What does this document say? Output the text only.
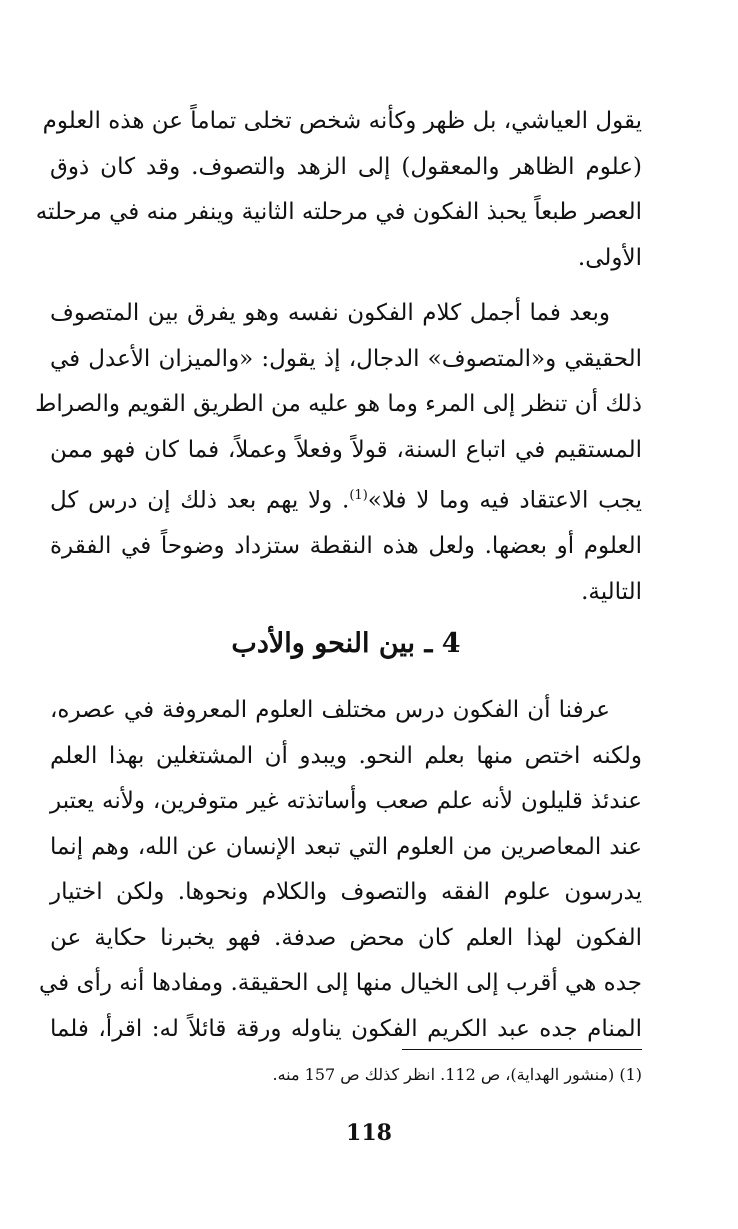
يقول العياشي، بل ظهر وكأنه شخص تخلى تماماً عن هذه العلوم
(علوم الظاهر والمعقول) إلى الزهد والتصوف. وقد كان ذوق
العصر طبعاً يحبذ الفكون في مرحلته الثانية وينفر منه في مرحلته
الأولى.
وبعد فما أجمل كلام الفكون نفسه وهو يفرق بين المتصوف
الحقيقي و«المتصوف» الدجال، إذ يقول: «والميزان الأعدل في
ذلك أن تنظر إلى المرء وما هو عليه من الطريق القويم والصراط
المستقيم في اتباع السنة، قولاً وفعلاً وعملاً، فما كان فهو ممن
يجب الاعتقاد فيه وما لا فلا»$^{(1)}$. ولا يهم بعد ذلك إن درس كل
العلوم أو بعضها. ولعل هذه النقطة ستزداد وضوحاً في الفقرة
التالية.
4 ـ بين النحو والأدب
عرفنا أن الفكون درس مختلف العلوم المعروفة في عصره،
ولكنه اختص منها بعلم النحو. ويبدو أن المشتغلين بهذا العلم
عندئذ قليلون لأنه علم صعب وأساتذته غير متوفرين، ولأنه يعتبر
عند المعاصرين من العلوم التي تبعد الإنسان عن الله، وهم إنما
يدرسون علوم الفقه والتصوف والكلام ونحوها. ولكن اختيار
الفكون لهذا العلم كان محض صدفة. فهو يخبرنا حكاية عن
جده هي أقرب إلى الخيال منها إلى الحقيقة. ومفادها أنه رأى في
المنام جده عبد الكريم الفكون يناوله ورقة قائلاً له: اقرأ، فلما

(1) (منشور الهداية)، ص 112. انظر كذلك ص 157 منه.

118
